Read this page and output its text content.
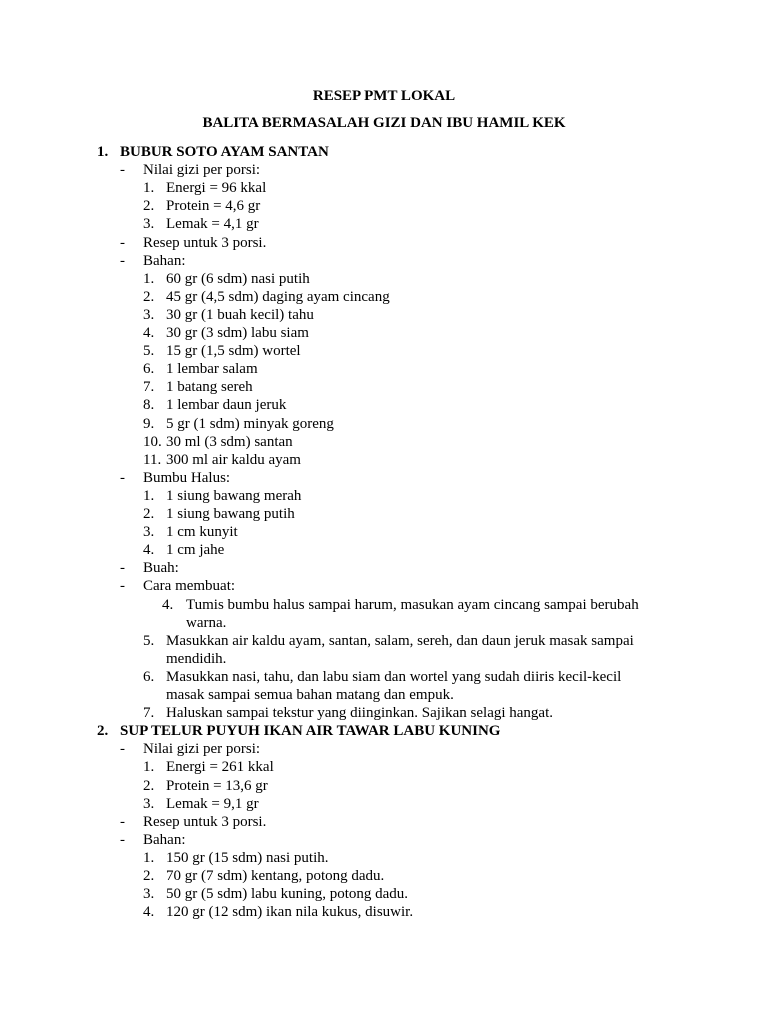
RESEP PMT LOKAL
BALITA BERMASALAH GIZI DAN IBU HAMIL KEK
1. BUBUR SOTO AYAM SANTAN
- Nilai gizi per porsi:
1. Energi = 96 kkal
2. Protein = 4,6 gr
3. Lemak = 4,1 gr
- Resep untuk 3 porsi.
- Bahan:
1. 60 gr (6 sdm) nasi putih
2. 45 gr (4,5 sdm) daging ayam cincang
3. 30 gr (1 buah kecil) tahu
4. 30 gr (3 sdm) labu siam
5. 15 gr (1,5 sdm) wortel
6. 1 lembar salam
7. 1 batang sereh
8. 1 lembar daun jeruk
9. 5 gr (1 sdm) minyak goreng
10. 30 ml (3 sdm) santan
11. 300 ml air kaldu ayam
- Bumbu Halus:
1. 1 siung bawang merah
2. 1 siung bawang putih
3. 1 cm kunyit
4. 1 cm jahe
- Buah:
- Cara membuat:
4. Tumis bumbu halus sampai harum, masukan ayam cincang sampai berubah
warna.
5. Masukkan air kaldu ayam, santan, salam, sereh, dan daun jeruk masak sampai
mendidih.
6. Masukkan nasi, tahu, dan labu siam dan wortel yang sudah diiris kecil-kecil
masak sampai semua bahan matang dan empuk.
7. Haluskan sampai tekstur yang diinginkan. Sajikan selagi hangat.
2. SUP TELUR PUYUH IKAN AIR TAWAR LABU KUNING
- Nilai gizi per porsi:
1. Energi = 261 kkal
2. Protein = 13,6 gr
3. Lemak = 9,1 gr
- Resep untuk 3 porsi.
- Bahan:
1. 150 gr (15 sdm) nasi putih.
2. 70 gr (7 sdm) kentang, potong dadu.
3. 50 gr (5 sdm) labu kuning, potong dadu.
4. 120 gr (12 sdm) ikan nila kukus, disuwir.
